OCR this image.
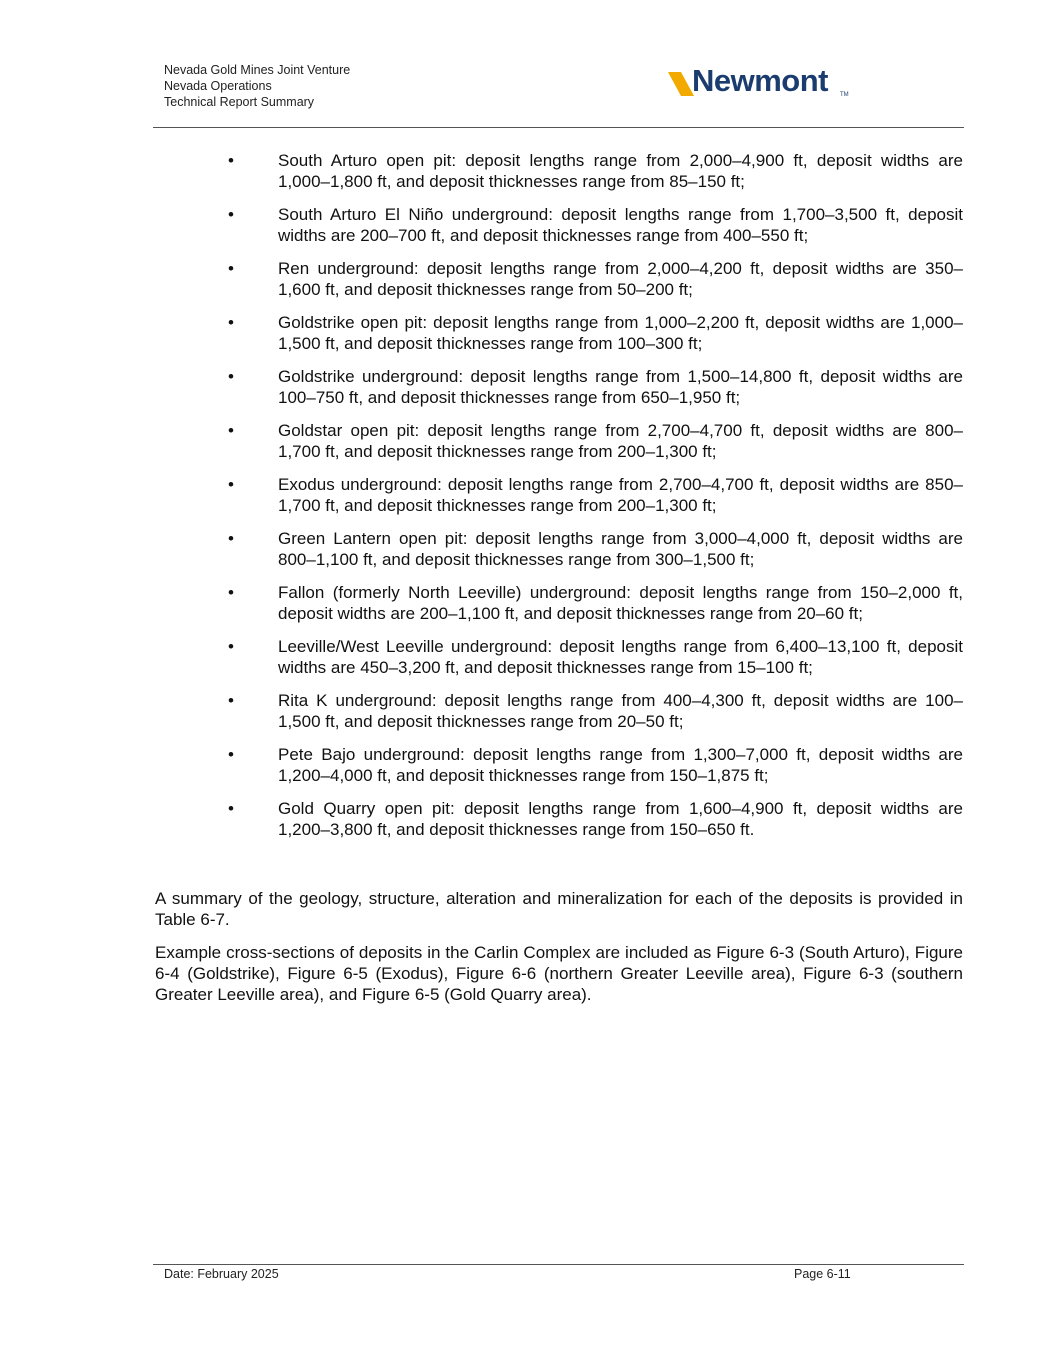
Nevada Gold Mines Joint Venture
Nevada Operations
Technical Report Summary
Newmont TM
•	South Arturo open pit: deposit lengths range from 2,000–4,900 ft, deposit widths are 1,000–1,800 ft, and deposit thicknesses range from 85–150 ft;
•	South Arturo El Niño underground: deposit lengths range from 1,700–3,500 ft, deposit widths are 200–700 ft, and deposit thicknesses range from 400–550 ft;
•	Ren underground: deposit lengths range from 2,000–4,200 ft, deposit widths are 350–1,600 ft, and deposit thicknesses range from 50–200 ft;
•	Goldstrike open pit: deposit lengths range from 1,000–2,200 ft, deposit widths are 1,000–1,500 ft, and deposit thicknesses range from 100–300 ft;
•	Goldstrike underground: deposit lengths range from 1,500–14,800 ft, deposit widths are 100–750 ft, and deposit thicknesses range from 650–1,950 ft;
•	Goldstar open pit: deposit lengths range from 2,700–4,700 ft, deposit widths are 800–1,700 ft, and deposit thicknesses range from 200–1,300 ft;
•	Exodus underground: deposit lengths range from 2,700–4,700 ft, deposit widths are 850–1,700 ft, and deposit thicknesses range from 200–1,300 ft;
•	Green Lantern open pit: deposit lengths range from 3,000–4,000 ft, deposit widths are 800–1,100 ft, and deposit thicknesses range from 300–1,500 ft;
•	Fallon (formerly North Leeville) underground: deposit lengths range from 150–2,000 ft, deposit widths are 200–1,100 ft, and deposit thicknesses range from 20–60 ft;
•	Leeville/West Leeville underground: deposit lengths range from 6,400–13,100 ft, deposit widths are 450–3,200 ft, and deposit thicknesses range from 15–100 ft;
•	Rita K underground: deposit lengths range from 400–4,300 ft, deposit widths are 100–1,500 ft, and deposit thicknesses range from 20–50 ft;
•	Pete Bajo underground: deposit lengths range from 1,300–7,000 ft, deposit widths are 1,200–4,000 ft, and deposit thicknesses range from 150–1,875 ft;
•	Gold Quarry open pit: deposit lengths range from 1,600–4,900 ft, deposit widths are 1,200–3,800 ft, and deposit thicknesses range from 150–650 ft.

A summary of the geology, structure, alteration and mineralization for each of the deposits is provided in Table 6-7.

Example cross-sections of deposits in the Carlin Complex are included as Figure 6-3 (South Arturo), Figure 6-4 (Goldstrike), Figure 6-5 (Exodus), Figure 6-6 (northern Greater Leeville area), Figure 6-3 (southern Greater Leeville area), and Figure 6-5 (Gold Quarry area).

Date: February 2025	Page 6-11
